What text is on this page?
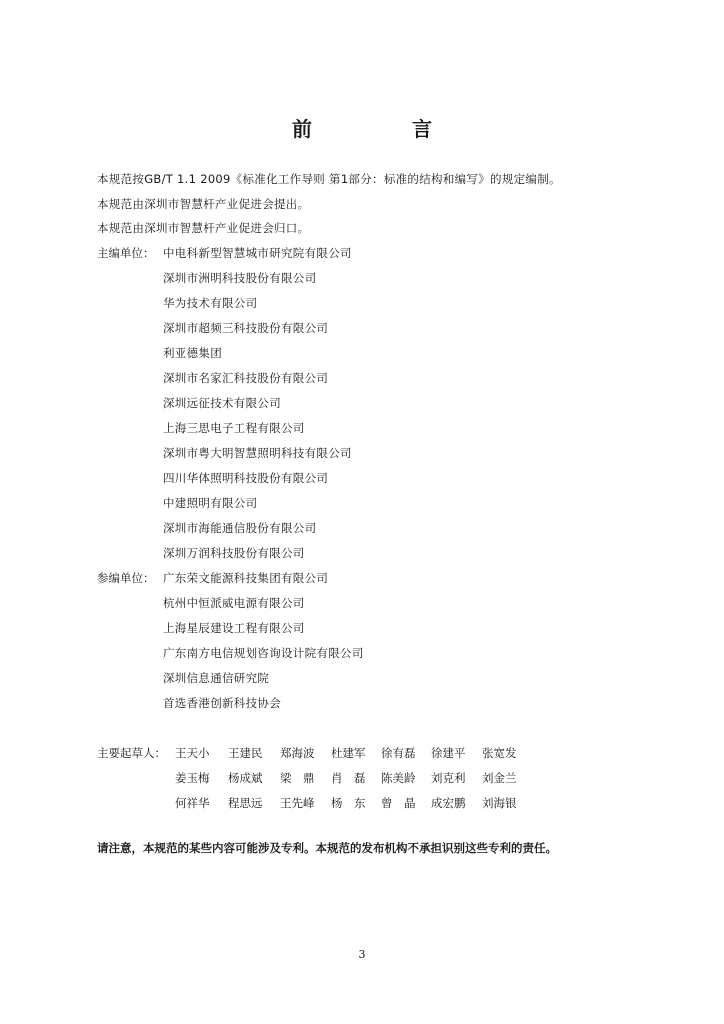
前　言
本规范按GB/T 1.1 2009《标准化工作导则 第1部分：标准的结构和编写》的规定编制。
本规范由深圳市智慧杆产业促进会提出。
本规范由深圳市智慧杆产业促进会归口。
主编单位： 中电科新型智慧城市研究院有限公司
深圳市洲明科技股份有限公司
华为技术有限公司
深圳市超频三科技股份有限公司
利亚德集团
深圳市名家汇科技股份有限公司
深圳远征技术有限公司
上海三思电子工程有限公司
深圳市粤大明智慧照明科技有限公司
四川华体照明科技股份有限公司
中建照明有限公司
深圳市海能通信股份有限公司
深圳万润科技股份有限公司
参编单位： 广东荣文能源科技集团有限公司
杭州中恒派威电源有限公司
上海星辰建设工程有限公司
广东南方电信规划咨询设计院有限公司
深圳信息通信研究院
首选香港创新科技协会
主要起草人： 王天小 王建民 郑海波 杜建军 徐有磊 徐建平 张宽发
姜玉梅 杨成斌 梁　鼎 肖　磊 陈美龄 刘克利 刘金兰
何祥华 程思远 王先峰 杨　东 曾　晶 成宏鹏 刘海银
请注意，本规范的某些内容可能涉及专利。本规范的发布机构不承担识别这些专利的责任。
3
